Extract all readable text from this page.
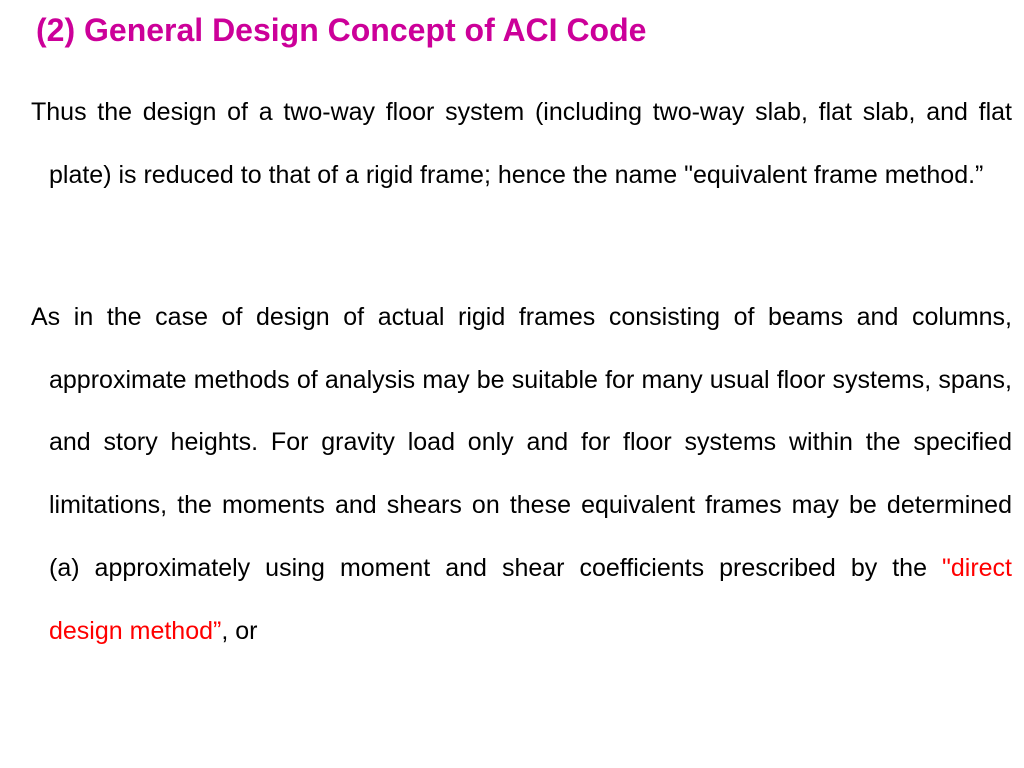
(2) General Design Concept of ACI Code

Thus the design of a two-way floor system (including two-way slab, flat slab, and flat plate) is reduced to that of a rigid frame; hence the name "equivalent frame method.”

As in the case of design of actual rigid frames consisting of beams and columns, approximate methods of analysis may be suitable for many usual floor systems, spans, and story heights. For gravity load only and for floor systems within the specified limitations, the moments and shears on these equivalent frames may be determined (a) approximately using moment and shear coefficients prescribed by the "direct design method”, or
